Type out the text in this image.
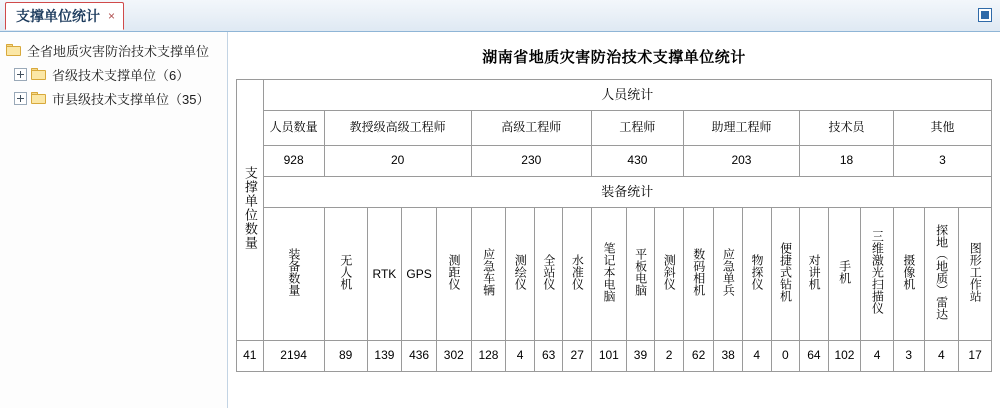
支撑单位统计 ×
全省地质灾害防治技术支撑单位
省级技术支撑单位（6）
市县级技术支撑单位（35）
湖南省地质灾害防治技术支撑单位统计
支撑单位数量	人员统计																					
	人员数量	教授级高级工程师				高级工程师				工程师			助理工程师				技术员			其他		
	928	20				230				430			203				18			3		
	装备统计																					
	装备数量	无人机	RTK	GPS	测距仪	应急车辆	测绘仪	全站仪	水准仪	笔记本电脑	平板电脑	测斜仪	数码相机	应急单兵	物探仪	便捷式钻机	对讲机	手机	三维激光扫描仪	摄像机	探地（地质）雷达	图形工作站
41	2194	89	139	436	302	128	4	63	27	101	39	2	62	38	4	0	64	102	4	3	4	17
